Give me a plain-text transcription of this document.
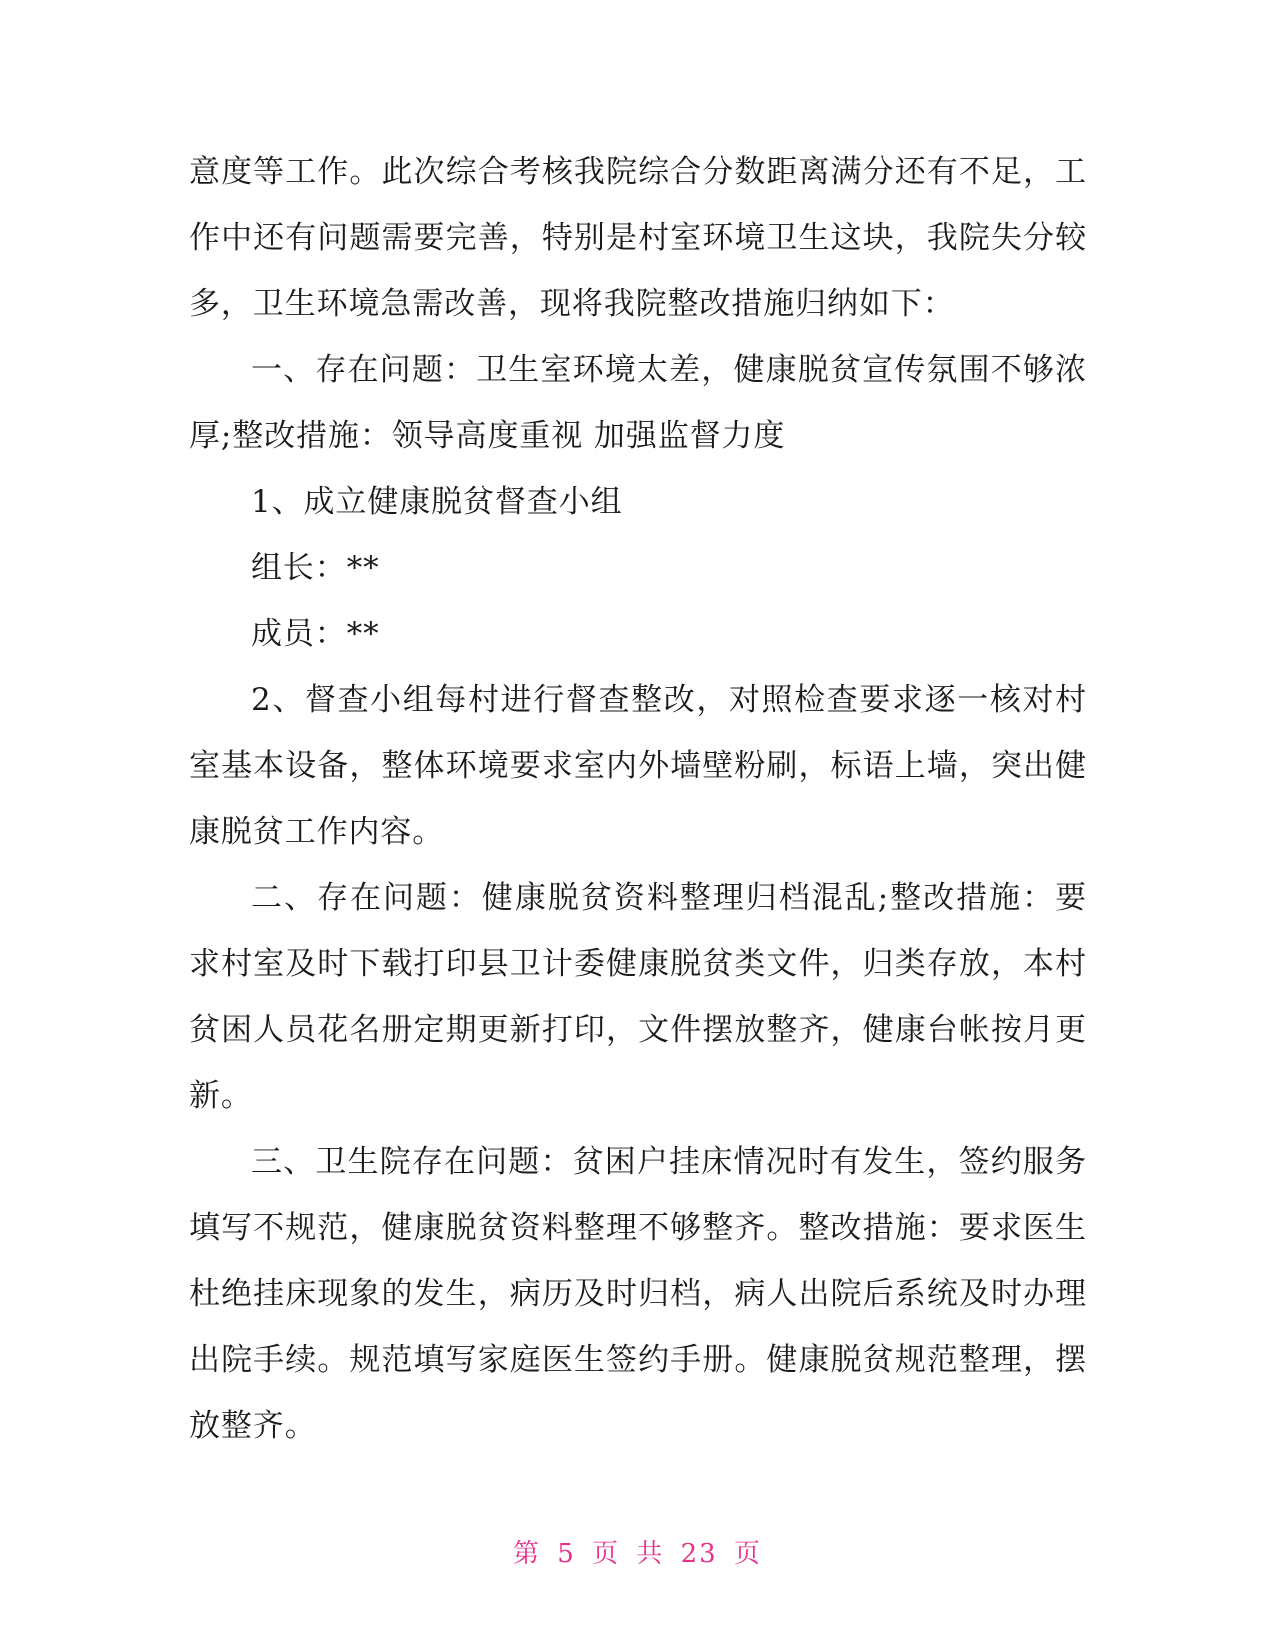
意度等工作。此次综合考核我院综合分数距离满分还有不足，工作中还有问题需要完善，特别是村室环境卫生这块，我院失分较多，卫生环境急需改善，现将我院整改措施归纳如下：

一、存在问题：卫生室环境太差，健康脱贫宣传氛围不够浓厚;整改措施：领导高度重视 加强监督力度

1、成立健康脱贫督查小组

组长：**

成员：**

2、督查小组每村进行督查整改，对照检查要求逐一核对村室基本设备，整体环境要求室内外墙壁粉刷，标语上墙，突出健康脱贫工作内容。

二、存在问题：健康脱贫资料整理归档混乱;整改措施：要求村室及时下载打印县卫计委健康脱贫类文件，归类存放，本村贫困人员花名册定期更新打印，文件摆放整齐，健康台帐按月更新。

三、卫生院存在问题：贫困户挂床情况时有发生，签约服务填写不规范，健康脱贫资料整理不够整齐。整改措施：要求医生杜绝挂床现象的发生，病历及时归档，病人出院后系统及时办理出院手续。规范填写家庭医生签约手册。健康脱贫规范整理，摆放整齐。

第 5 页 共 23 页
